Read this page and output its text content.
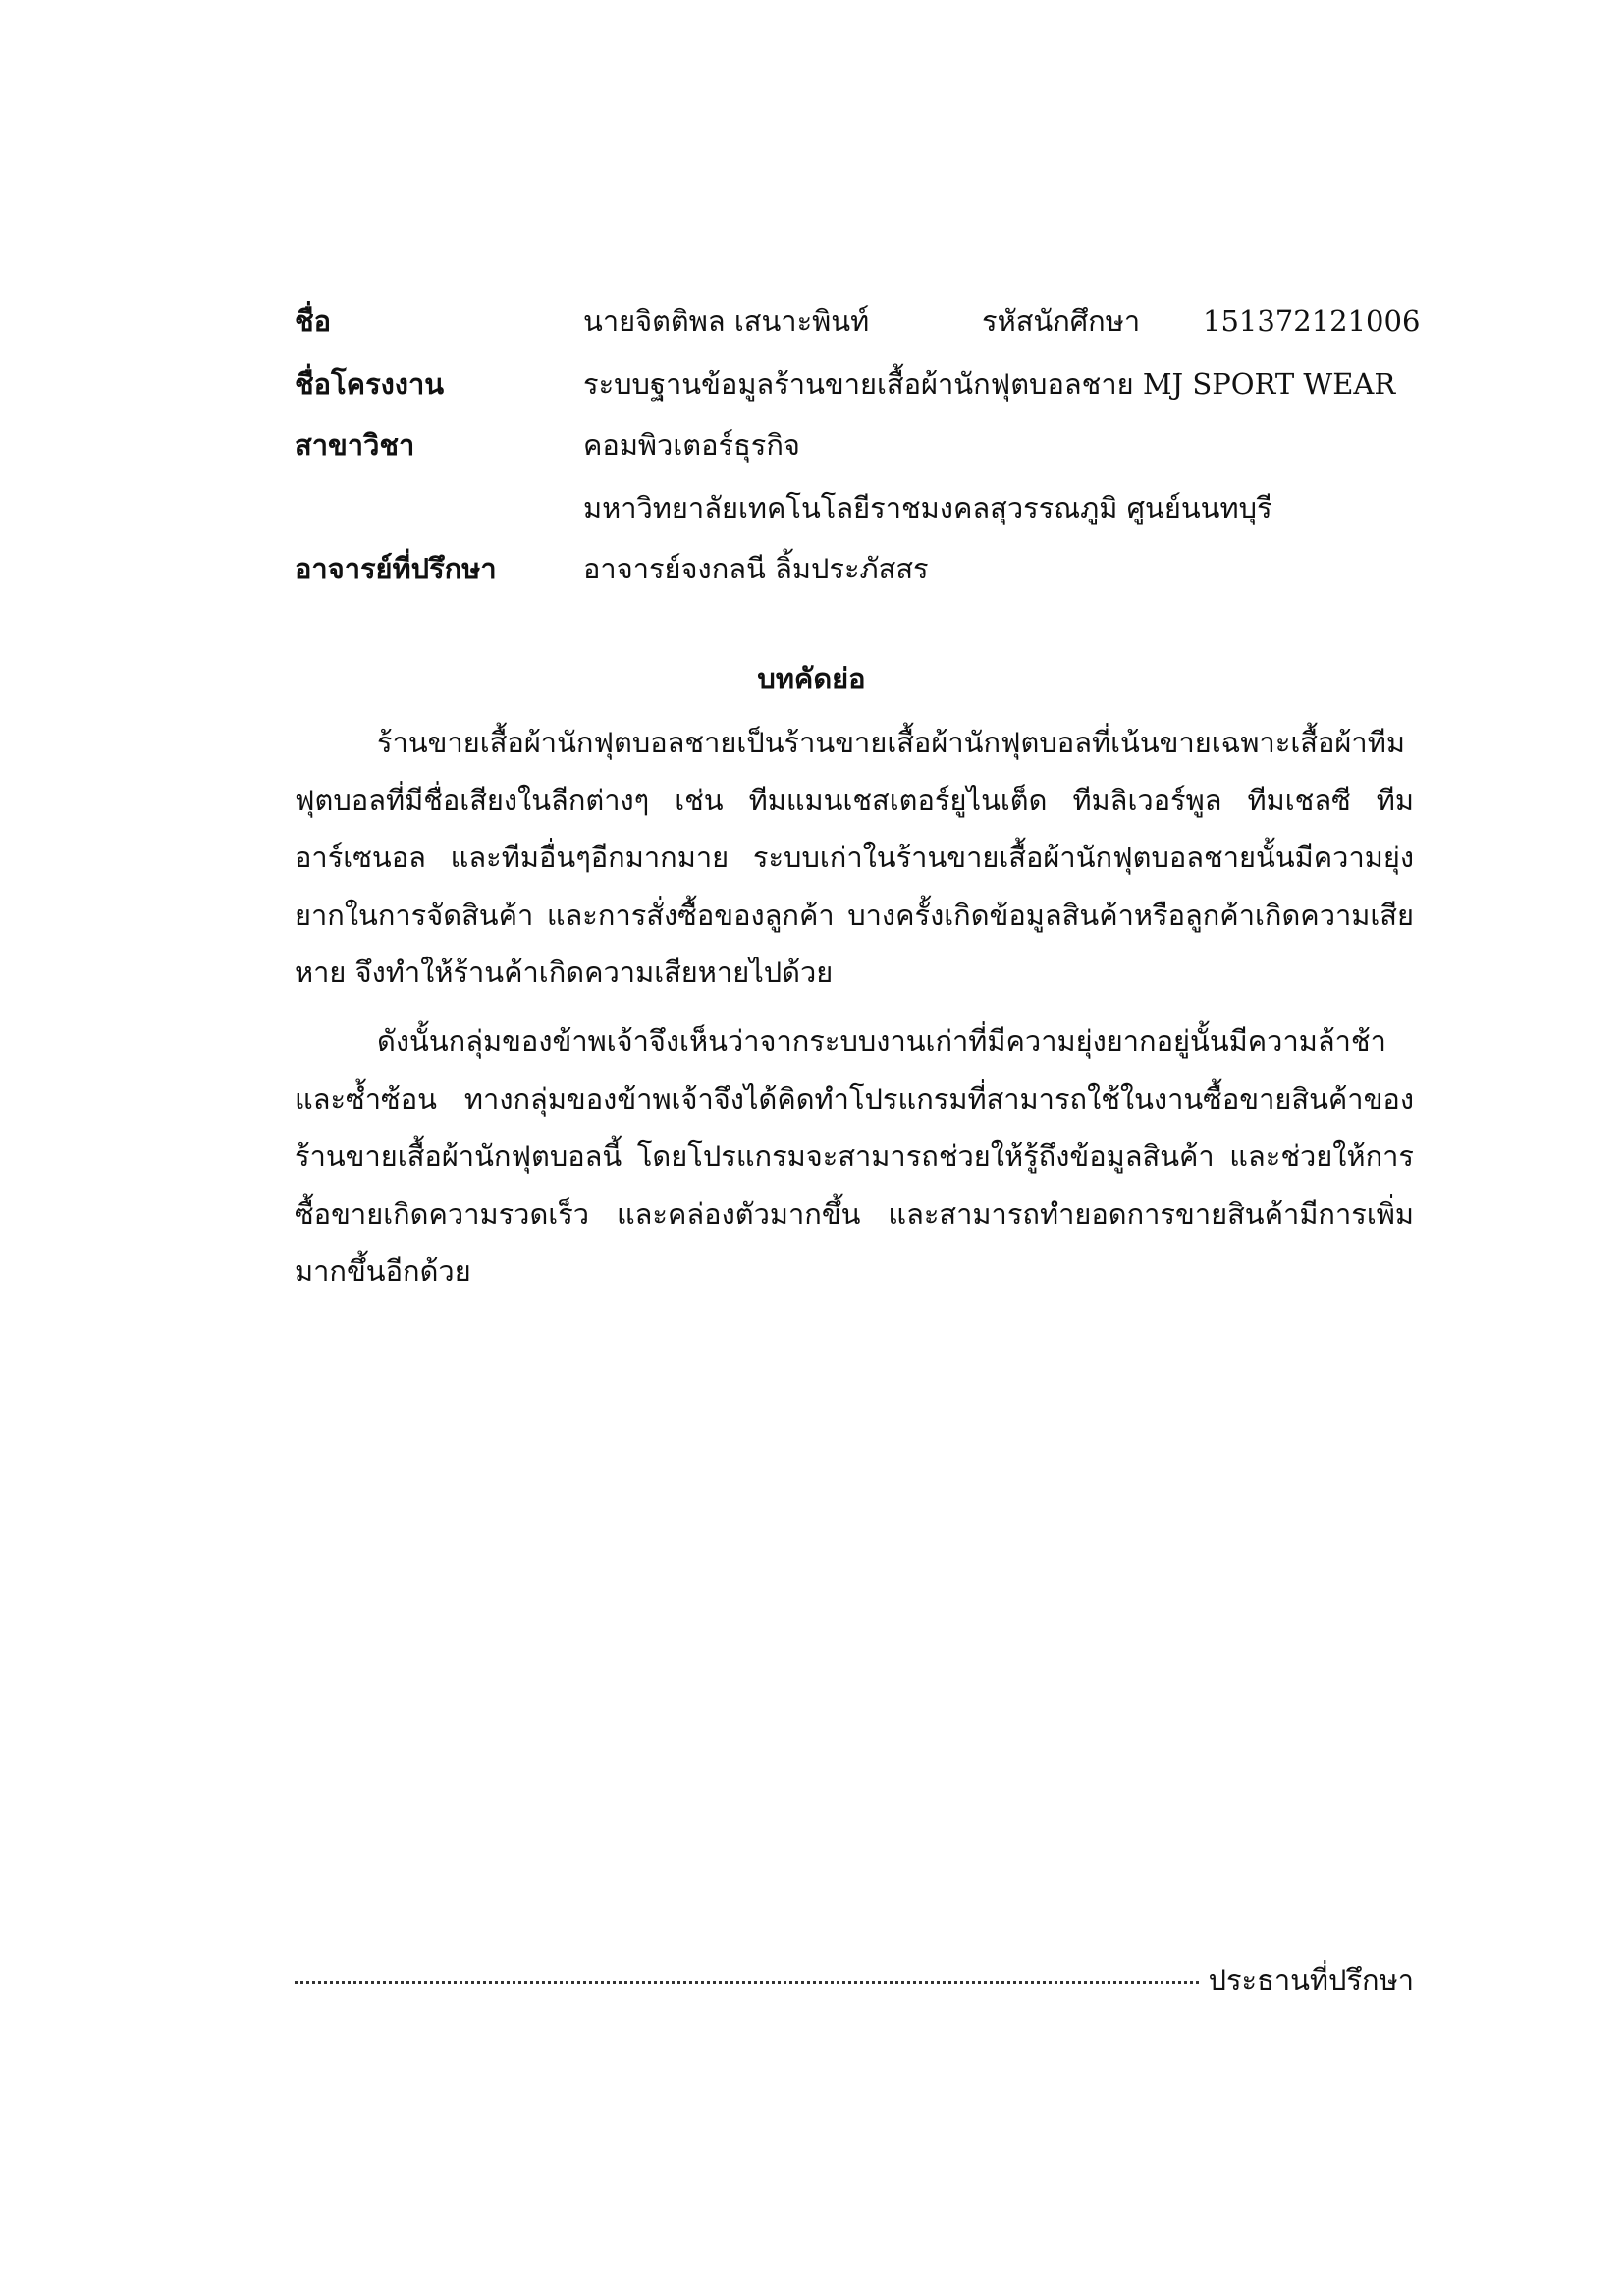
ชื่อ	นายจิตติพล เสนาะพินท์	รหัสนักศึกษา 151372121006
ชื่อโครงงาน	ระบบฐานข้อมูลร้านขายเสื้อผ้านักฟุตบอลชาย MJ SPORT WEAR
สาขาวิชา	คอมพิวเตอร์ธุรกิจ
มหาวิทยาลัยเทคโนโลยีราชมงคลสุวรรณภูมิ ศูนย์นนทบุรี
อาจารย์ที่ปรึกษา	อาจารย์จงกลนี ลิ้มประภัสสร
บทคัดย่อ

ร้านขายเสื้อผ้านักฟุตบอลชายเป็นร้านขายเสื้อผ้านักฟุตบอลที่เน้นขายเฉพาะเสื้อผ้าทีมฟุตบอลที่มีชื่อเสียงในลีกต่างๆ เช่น ทีมแมนเชสเตอร์ยูไนเต็ด ทีมลิเวอร์พูล ทีมเชลซี ทีมอาร์เซนอล และทีมอื่นๆอีกมากมาย ระบบเก่าในร้านขายเสื้อผ้านักฟุตบอลชายนั้นมีความยุ่งยากในการจัดสินค้า และการสั่งซื้อของลูกค้า บางครั้งเกิดข้อมูลสินค้าหรือลูกค้าเกิดความเสียหาย จึงทำให้ร้านค้าเกิดความเสียหายไปด้วย

ดังนั้นกลุ่มของข้าพเจ้าจึงเห็นว่าจากระบบงานเก่าที่มีความยุ่งยากอยู่นั้นมีความล้าช้าและซ้ำซ้อน ทางกลุ่มของข้าพเจ้าจึงได้คิดทำโปรแกรมที่สามารถใช้ในงานซื้อขายสินค้าของร้านขายเสื้อผ้านักฟุตบอลนี้ โดยโปรแกรมจะสามารถช่วยให้รู้ถึงข้อมูลสินค้า และช่วยให้การซื้อขายเกิดความรวดเร็ว และคล่องตัวมากขึ้น และสามารถทำยอดการขายสินค้ามีการเพิ่มมากขึ้นอีกด้วย

ประธานที่ปรึกษา
